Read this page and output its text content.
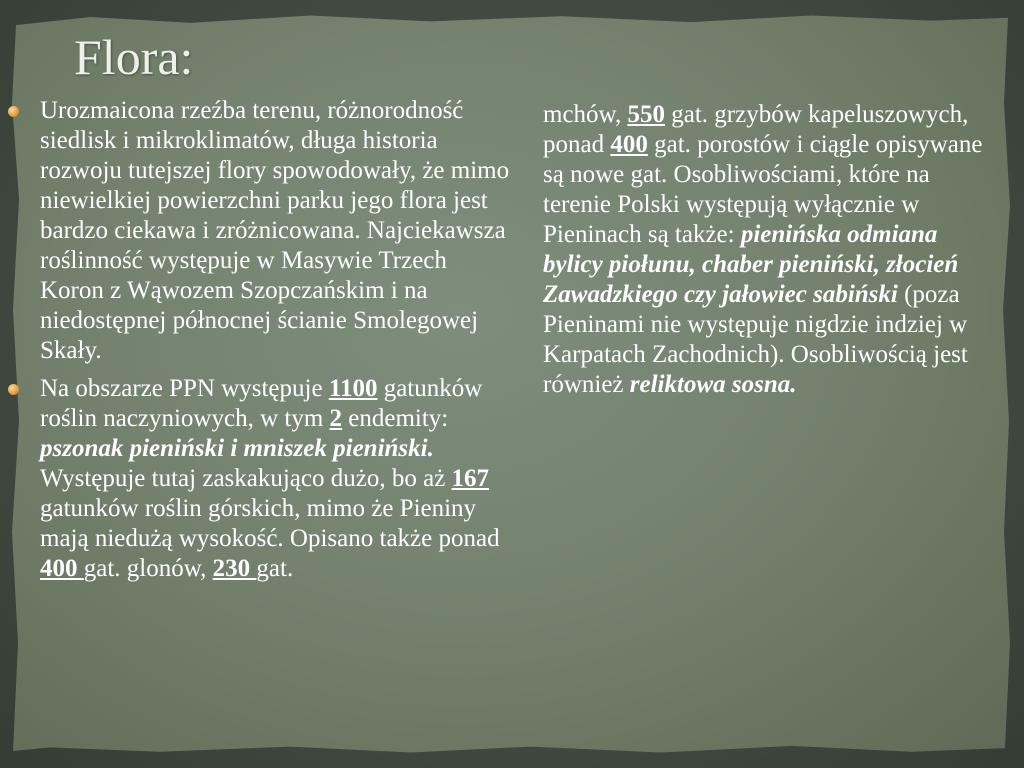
Flora:

Urozmaicona rzeźba terenu, różnorodność siedlisk i mikroklimatów, długa historia rozwoju tutejszej flory spowodowały, że mimo niewielkiej powierzchni parku jego flora jest bardzo ciekawa i zróżnicowana. Najciekawsza roślinność występuje w Masywie Trzech Koron z Wąwozem Szopczańskim i na niedostępnej północnej ścianie Smolegowej Skały.

Na obszarze PPN występuje 1100 gatunków roślin naczyniowych, w tym 2 endemity: pszonak pieniński i mniszek pieniński. Występuje tutaj zaskakująco dużo, bo aż 167 gatunków roślin górskich, mimo że Pieniny mają niedużą wysokość. Opisano także ponad 400 gat. glonów, 230 gat.

mchów, 550 gat. grzybów kapeluszowych, ponad 400 gat. porostów i ciągle opisywane są nowe gat. Osobliwościami, które na terenie Polski występują wyłącznie w Pieninach są także: pienińska odmiana bylicy piołunu, chaber pieniński, złocień Zawadzkiego czy jałowiec sabiński (poza Pieninami nie występuje nigdzie indziej w Karpatach Zachodnich). Osobliwością jest również reliktowa sosna.
